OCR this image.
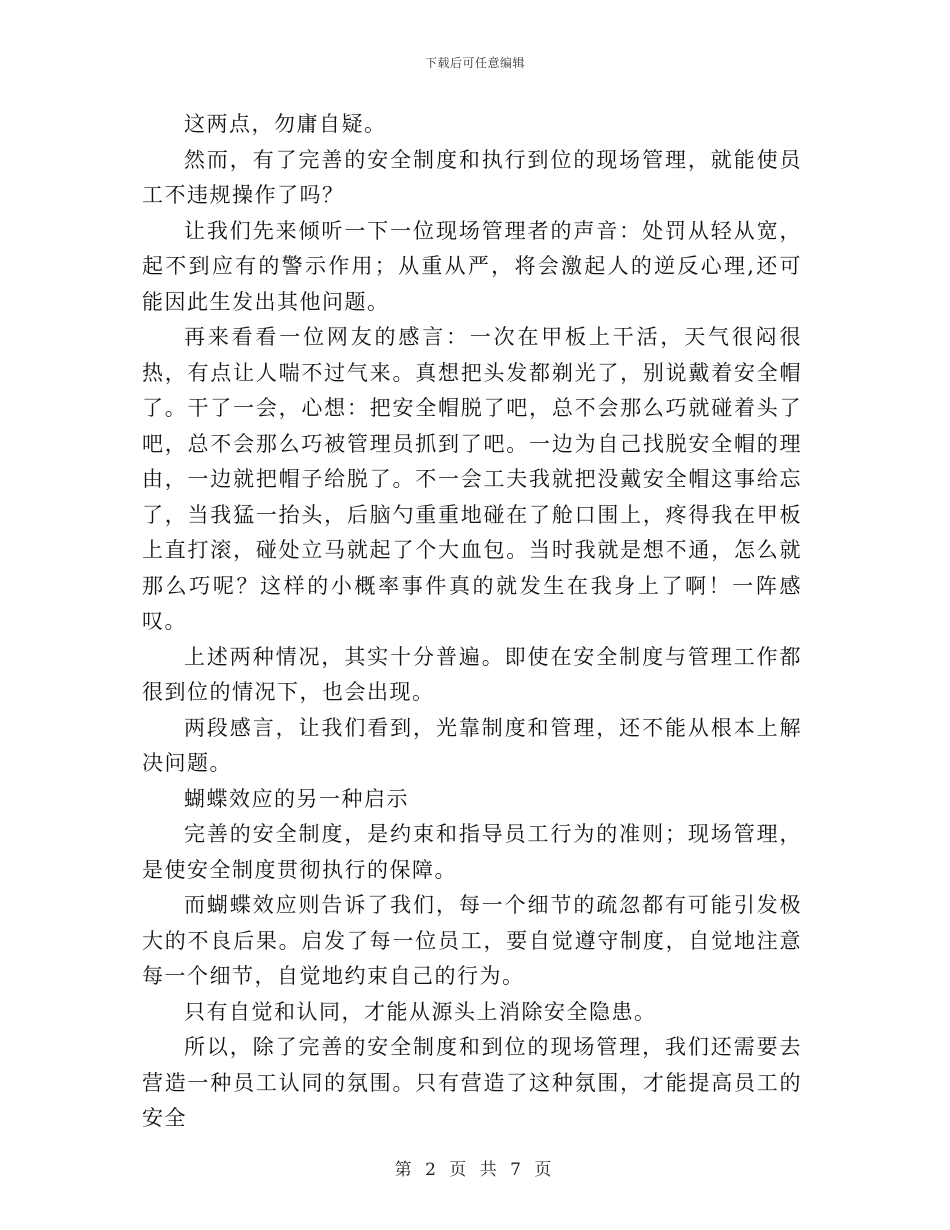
下载后可任意编辑

这两点，勿庸自疑。

然而，有了完善的安全制度和执行到位的现场管理，就能使员工不违规操作了吗？

让我们先来倾听一下一位现场管理者的声音：处罚从轻从宽，起不到应有的警示作用；从重从严，将会激起人的逆反心理,还可能因此生发出其他问题。

再来看看一位网友的感言：一次在甲板上干活，天气很闷很热，有点让人喘不过气来。真想把头发都剃光了，别说戴着安全帽了。干了一会，心想：把安全帽脱了吧，总不会那么巧就碰着头了吧，总不会那么巧被管理员抓到了吧。一边为自己找脱安全帽的理由，一边就把帽子给脱了。不一会工夫我就把没戴安全帽这事给忘了，当我猛一抬头，后脑勺重重地碰在了舱口围上，疼得我在甲板上直打滚，碰处立马就起了个大血包。当时我就是想不通，怎么就那么巧呢？这样的小概率事件真的就发生在我身上了啊！一阵感叹。

上述两种情况，其实十分普遍。即使在安全制度与管理工作都很到位的情况下，也会出现。

两段感言，让我们看到，光靠制度和管理，还不能从根本上解决问题。

蝴蝶效应的另一种启示

完善的安全制度，是约束和指导员工行为的准则；现场管理，是使安全制度贯彻执行的保障。

而蝴蝶效应则告诉了我们，每一个细节的疏忽都有可能引发极大的不良后果。启发了每一位员工，要自觉遵守制度，自觉地注意每一个细节，自觉地约束自己的行为。

只有自觉和认同，才能从源头上消除安全隐患。

所以，除了完善的安全制度和到位的现场管理，我们还需要去营造一种员工认同的氛围。只有营造了这种氛围，才能提高员工的安全

第 2 页 共 7 页
